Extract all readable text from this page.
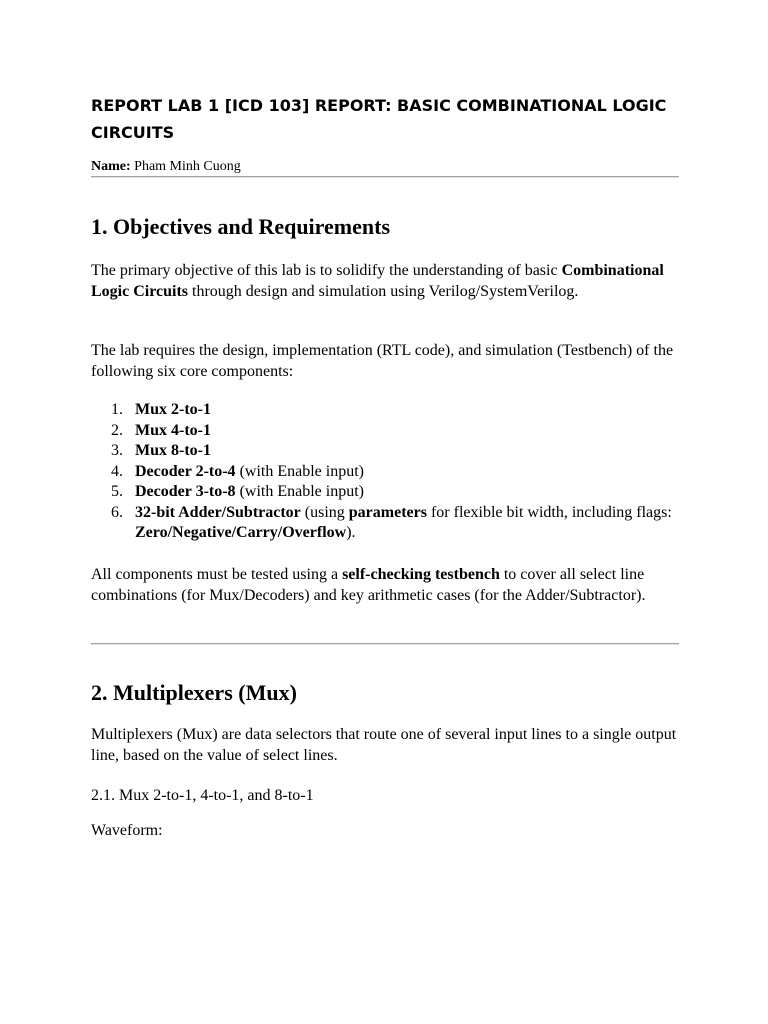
REPORT LAB 1 [ICD 103] REPORT: BASIC COMBINATIONAL LOGIC CIRCUITS
Name: Pham Minh Cuong
1. Objectives and Requirements

The primary objective of this lab is to solidify the understanding of basic Combinational Logic Circuits through design and simulation using Verilog/SystemVerilog.

The lab requires the design, implementation (RTL code), and simulation (Testbench) of the following six core components:

1. Mux 2-to-1
2. Mux 4-to-1
3. Mux 8-to-1
4. Decoder 2-to-4 (with Enable input)
5. Decoder 3-to-8 (with Enable input)
6. 32-bit Adder/Subtractor (using parameters for flexible bit width, including flags: Zero/Negative/Carry/Overflow).

All components must be tested using a self-checking testbench to cover all select line combinations (for Mux/Decoders) and key arithmetic cases (for the Adder/Subtractor).

2. Multiplexers (Mux)

Multiplexers (Mux) are data selectors that route one of several input lines to a single output line, based on the value of select lines.

2.1. Mux 2-to-1, 4-to-1, and 8-to-1

Waveform:
